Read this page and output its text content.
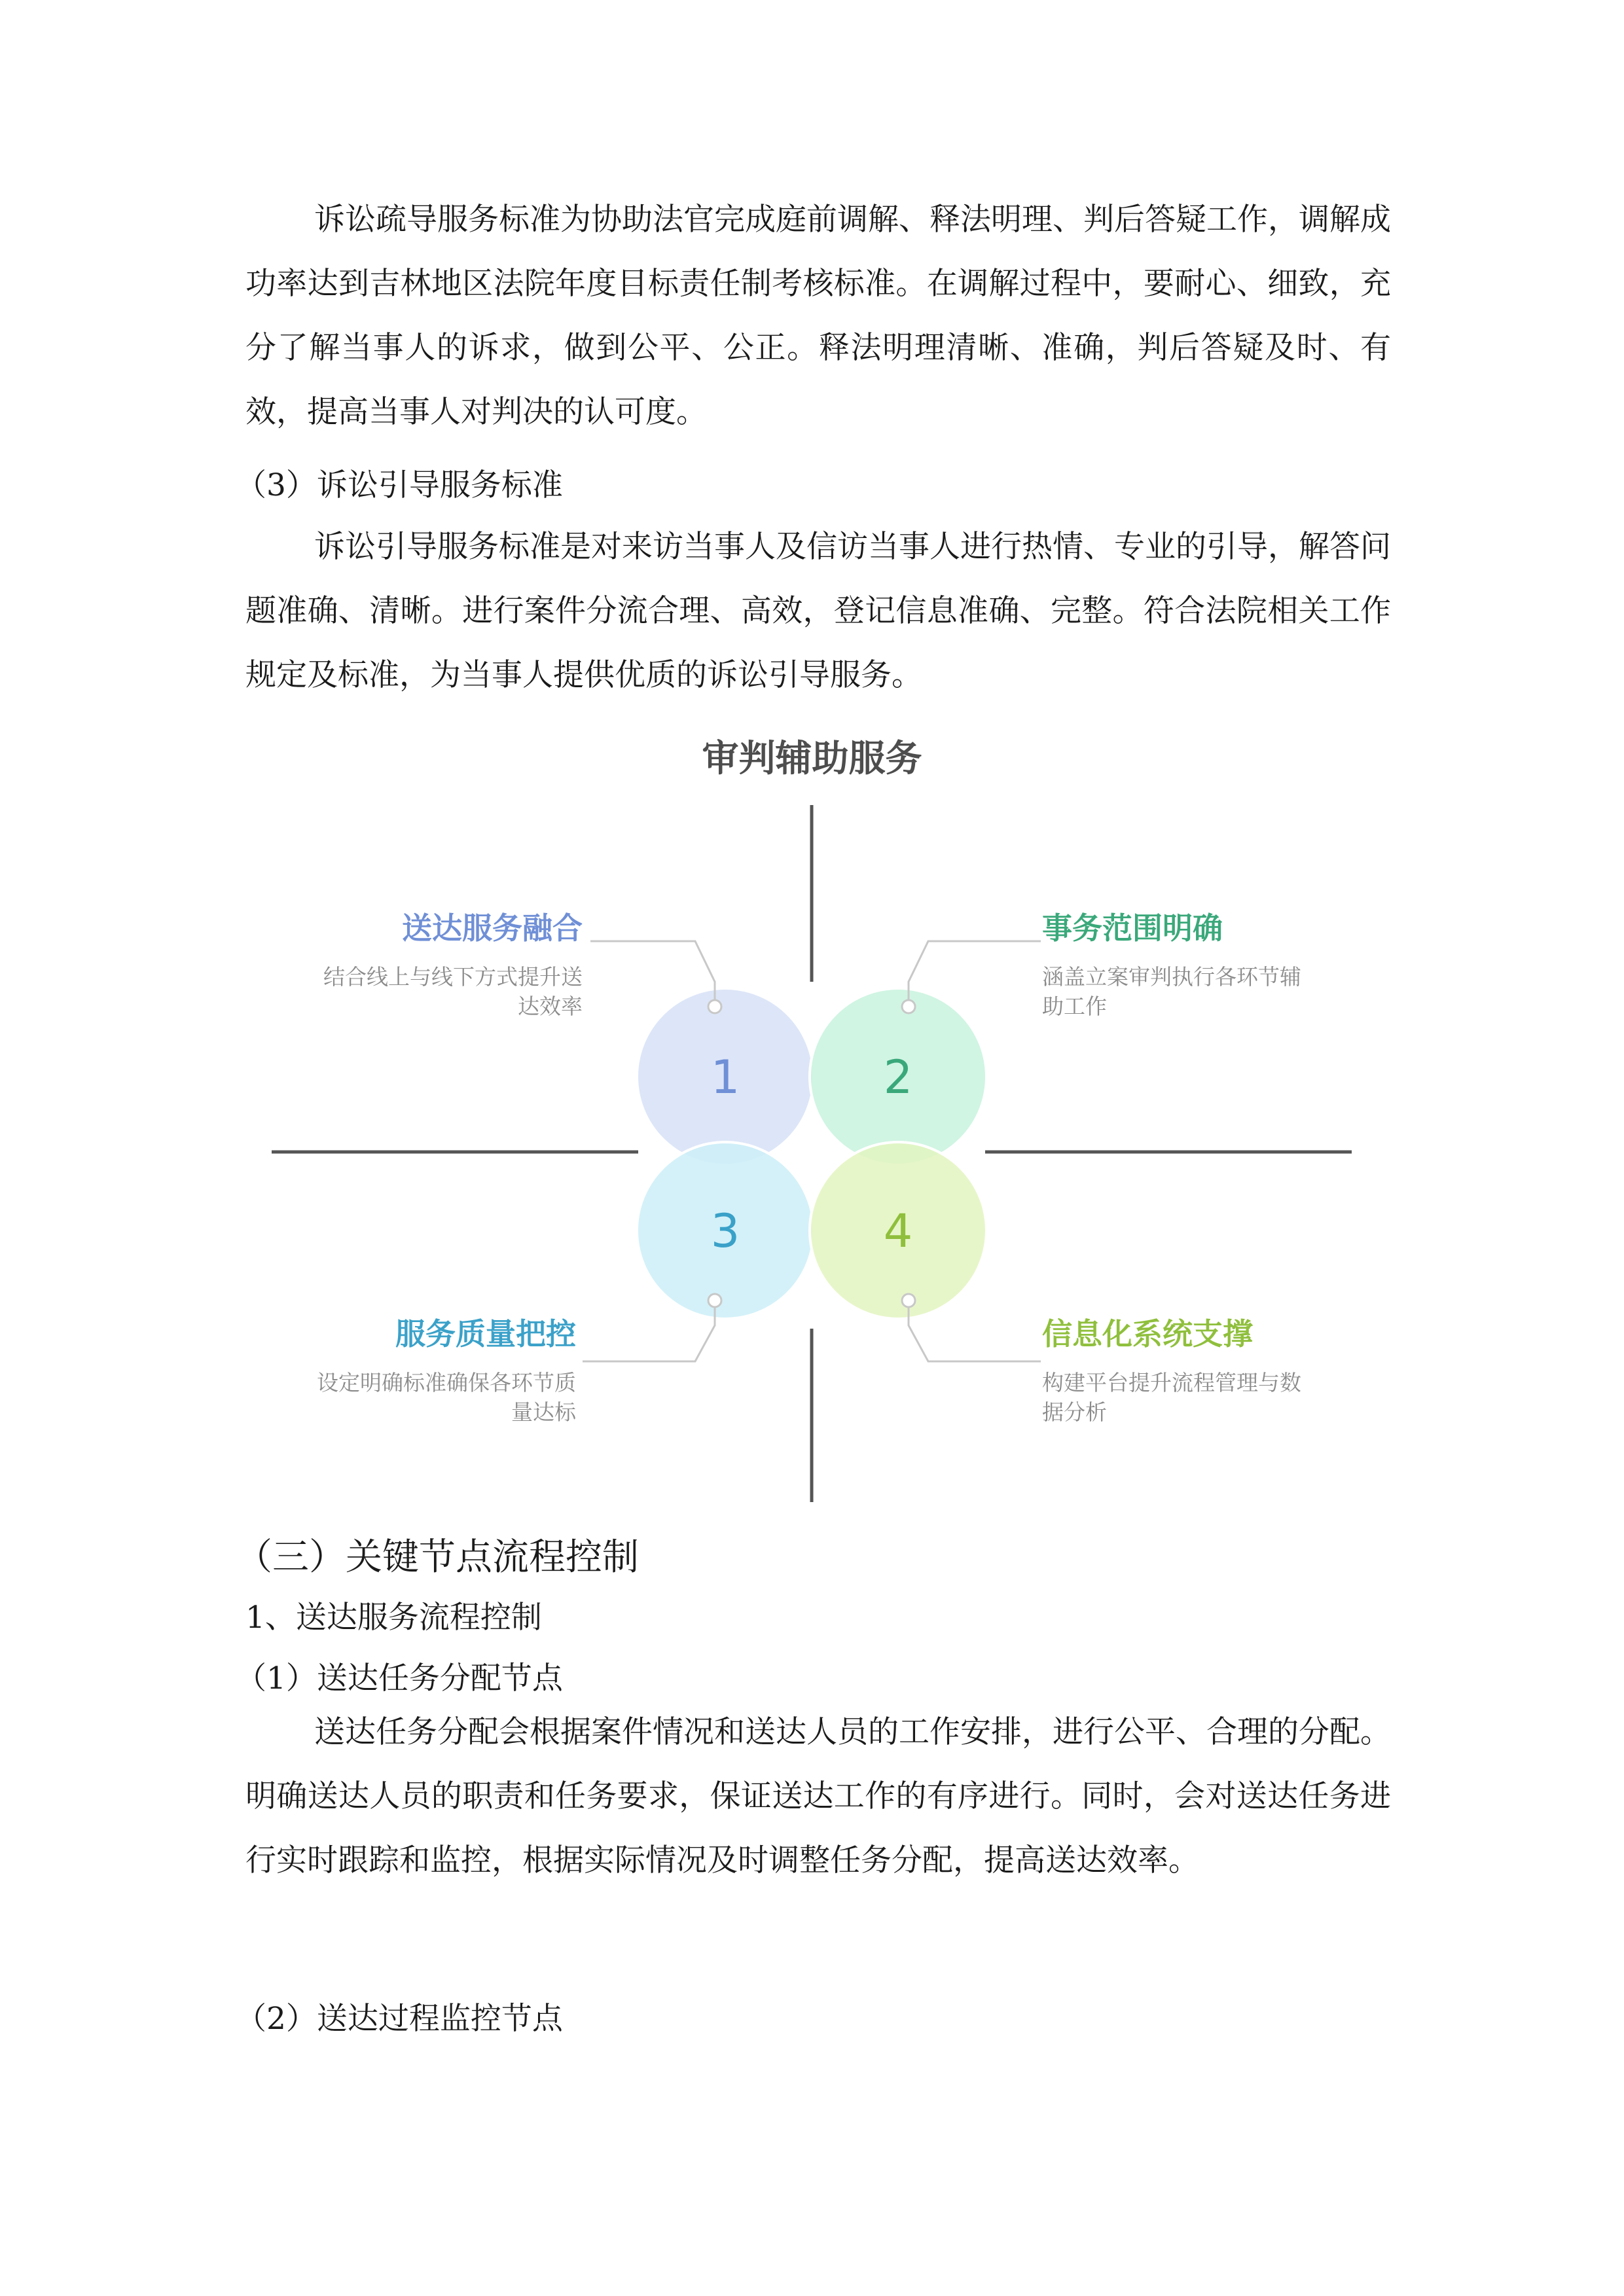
诉讼疏导服务标准为协助法官完成庭前调解、释法明理、判后答疑工作，调解成功率达到吉林地区法院年度目标责任制考核标准。在调解过程中，要耐心、细致，充分了解当事人的诉求，做到公平、公正。释法明理清晰、准确，判后答疑及时、有效，提高当事人对判决的认可度。

（3）诉讼引导服务标准

诉讼引导服务标准是对来访当事人及信访当事人进行热情、专业的引导，解答问题准确、清晰。进行案件分流合理、高效，登记信息准确、完整。符合法院相关工作规定及标准，为当事人提供优质的诉讼引导服务。

审判辅助服务

1	2
3	4

送达服务融合

结合线上与线下方式提升送达效率

事务范围明确

涵盖立案审判执行各环节辅助工作

服务质量把控

设定明确标准确保各环节质量达标

信息化系统支撑

构建平台提升流程管理与数据分析

（三）关键节点流程控制

1、送达服务流程控制

（1）送达任务分配节点

送达任务分配会根据案件情况和送达人员的工作安排，进行公平、合理的分配。明确送达人员的职责和任务要求，保证送达工作的有序进行。同时，会对送达任务进行实时跟踪和监控，根据实际情况及时调整任务分配，提高送达效率。

（2）送达过程监控节点
